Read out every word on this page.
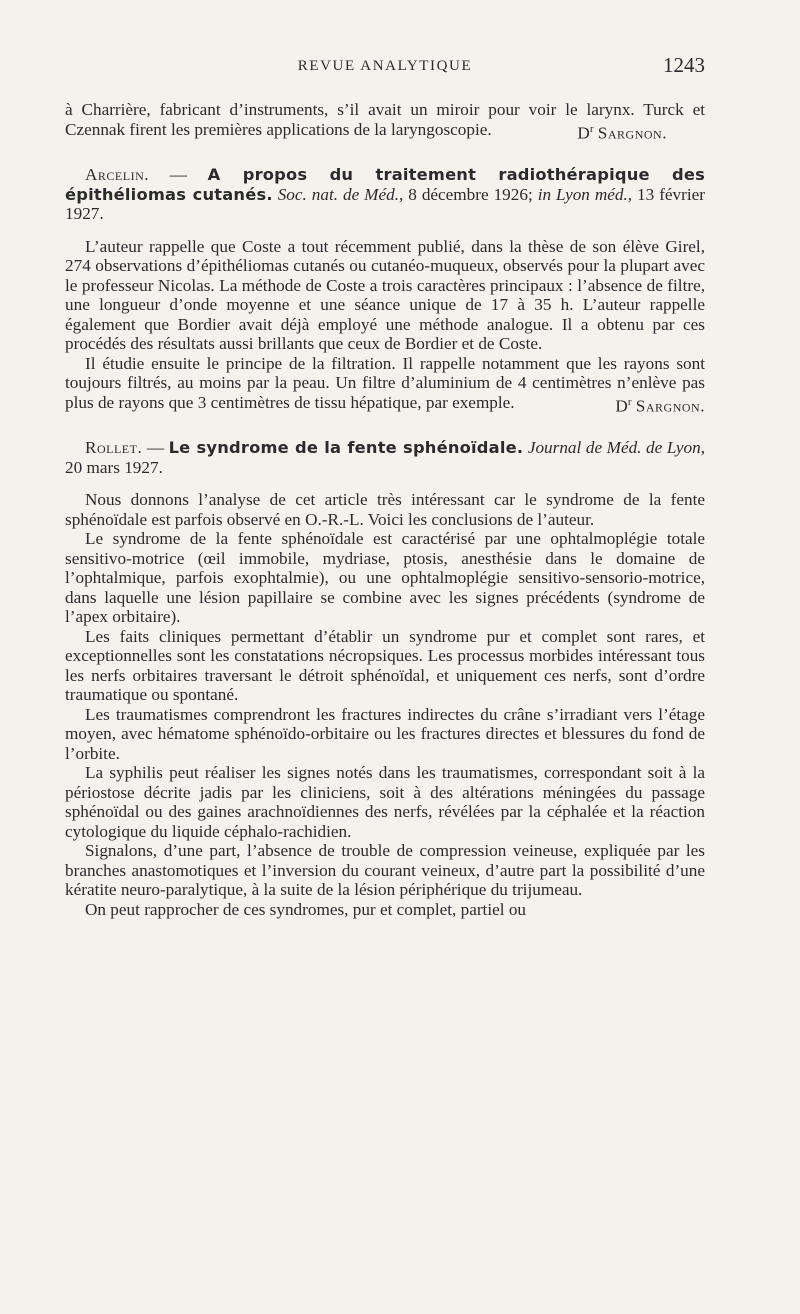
REVUE ANALYTIQUE	1243

à Charrière, fabricant d’instruments, s’il avait un miroir pour voir le larynx. Turck et Czennak firent les premières applications de la laryngoscopie.	$D^r$ Sargnon.

Arcelin. — A propos du traitement radiothérapique des épithéliomas cutanés. Soc. nat. de Méd., 8 décembre 1926; in Lyon méd., 13 février 1927.

L’auteur rappelle que Coste a tout récemment publié, dans la thèse de son élève Girel, 274 observations d’épithéliomas cutanés ou cutanéo-muqueux, observés pour la plupart avec le professeur Nicolas. La méthode de Coste a trois caractères principaux : l’absence de filtre, une longueur d’onde moyenne et une séance unique de 17 à 35 h. L’auteur rappelle également que Bordier avait déjà employé une méthode analogue. Il a obtenu par ces procédés des résultats aussi brillants que ceux de Bordier et de Coste.

Il étudie ensuite le principe de la filtration. Il rappelle notamment que les rayons sont toujours filtrés, au moins par la peau. Un filtre d’aluminium de 4 centimètres n’enlève pas plus de rayons que 3 centimètres de tissu hépatique, par exemple.	$D^r$ Sargnon.

Rollet. — Le syndrome de la fente sphénoïdale. Journal de Méd. de Lyon, 20 mars 1927.

Nous donnons l’analyse de cet article très intéressant car le syndrome de la fente sphénoïdale est parfois observé en O.-R.-L. Voici les conclusions de l’auteur.

Le syndrome de la fente sphénoïdale est caractérisé par une ophtalmoplégie totale sensitivo-motrice (œil immobile, mydriase, ptosis, anesthésie dans le domaine de l’ophtalmique, parfois exophtalmie), ou une ophtalmoplégie sensitivo-sensorio-motrice, dans laquelle une lésion papillaire se combine avec les signes précédents (syndrome de l’apex orbitaire).

Les faits cliniques permettant d’établir un syndrome pur et complet sont rares, et exceptionnelles sont les constatations nécropsiques. Les processus morbides intéressant tous les nerfs orbitaires traversant le détroit sphénoïdal, et uniquement ces nerfs, sont d’ordre traumatique ou spontané.

Les traumatismes comprendront les fractures indirectes du crâne s’irradiant vers l’étage moyen, avec hématome sphénoïdo-orbitaire ou les fractures directes et blessures du fond de l’orbite.

La syphilis peut réaliser les signes notés dans les traumatismes, correspondant soit à la périostose décrite jadis par les cliniciens, soit à des altérations méningées du passage sphénoïdal ou des gaines arachnoïdiennes des nerfs, révélées par la céphalée et la réaction cytologique du liquide céphalo-rachidien.

Signalons, d’une part, l’absence de trouble de compression veineuse, expliquée par les branches anastomotiques et l’inversion du courant veineux, d’autre part la possibilité d’une kératite neuro-paralytique, à la suite de la lésion périphérique du trijumeau.

On peut rapprocher de ces syndromes, pur et complet, partiel ou
